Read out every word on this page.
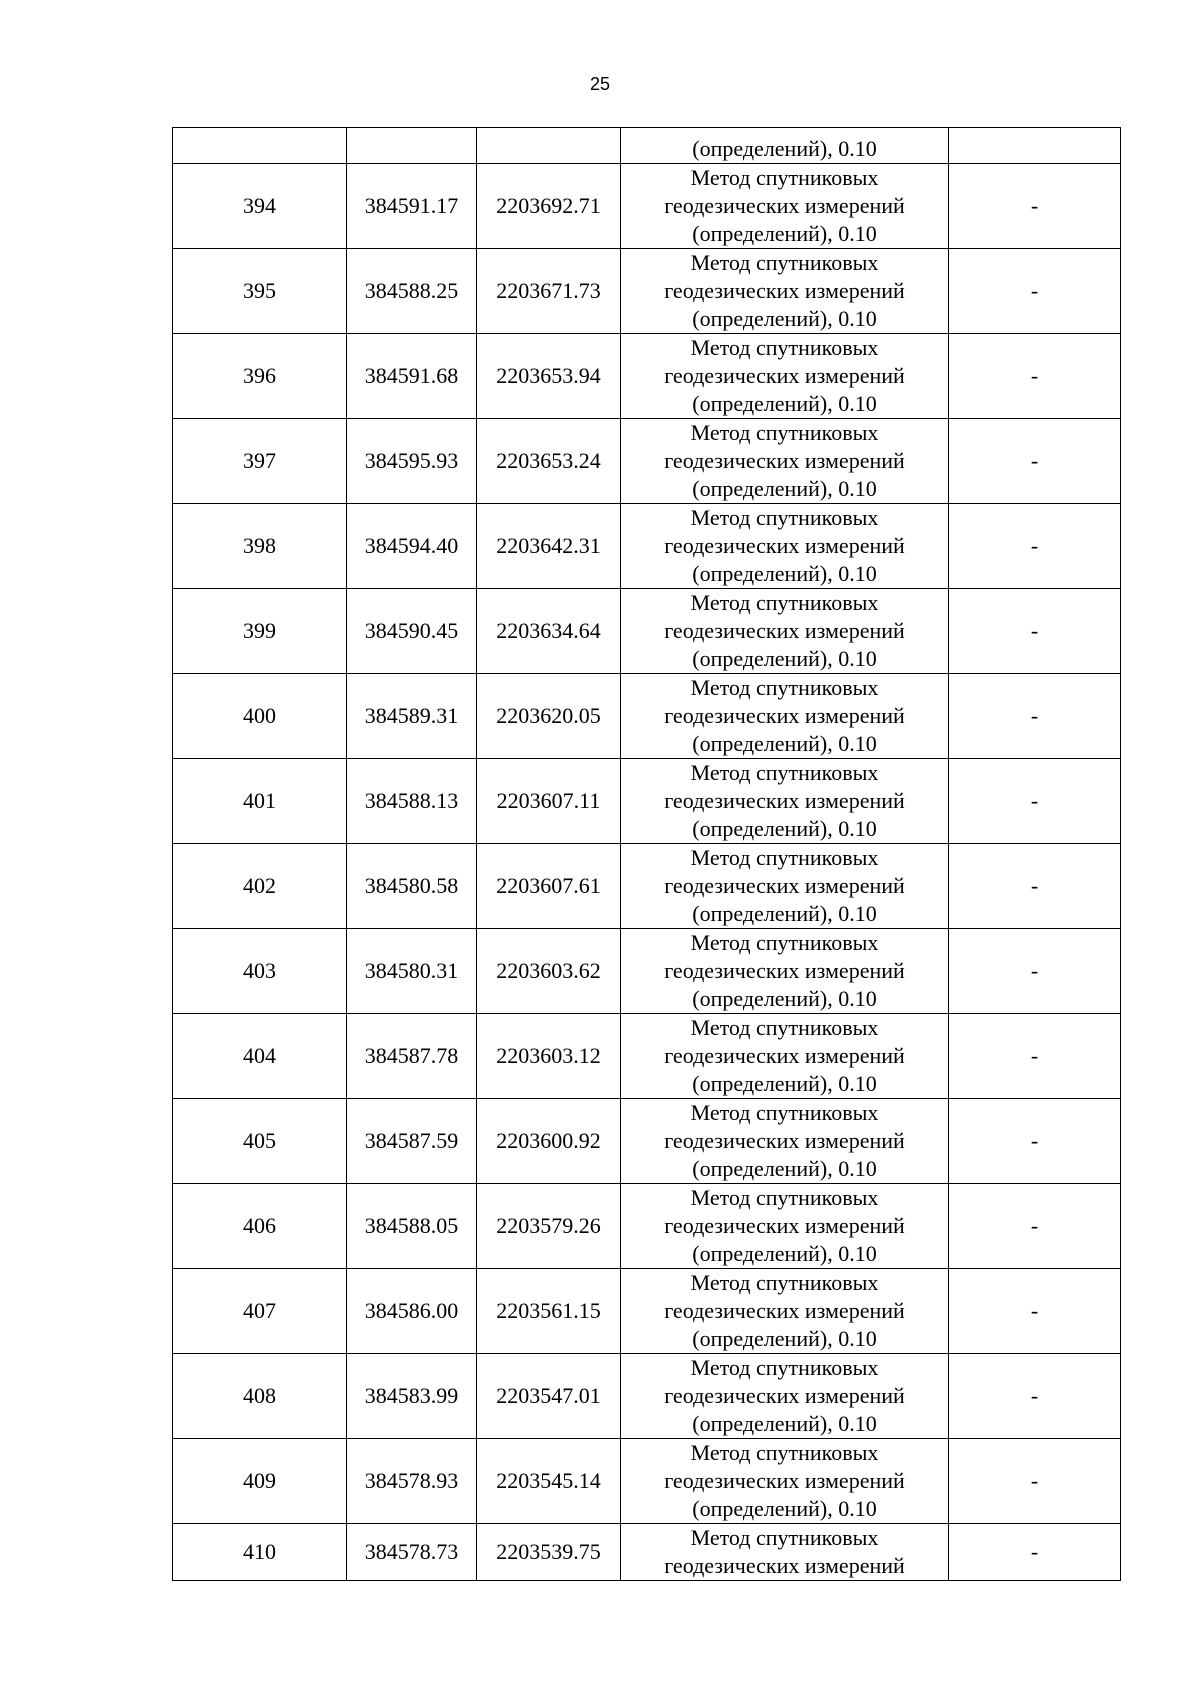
25

			(определений), 0.10	

394	384591.17	2203692.71	Метод спутниковых
геодезических измерений
(определений), 0.10	-
395	384588.25	2203671.73	Метод спутниковых
геодезических измерений
(определений), 0.10	-
396	384591.68	2203653.94	Метод спутниковых
геодезических измерений
(определений), 0.10	-
397	384595.93	2203653.24	Метод спутниковых
геодезических измерений
(определений), 0.10	-
398	384594.40	2203642.31	Метод спутниковых
геодезических измерений
(определений), 0.10	-
399	384590.45	2203634.64	Метод спутниковых
геодезических измерений
(определений), 0.10	-
400	384589.31	2203620.05	Метод спутниковых
геодезических измерений
(определений), 0.10	-
401	384588.13	2203607.11	Метод спутниковых
геодезических измерений
(определений), 0.10	-
402	384580.58	2203607.61	Метод спутниковых
геодезических измерений
(определений), 0.10	-
403	384580.31	2203603.62	Метод спутниковых
геодезических измерений
(определений), 0.10	-
404	384587.78	2203603.12	Метод спутниковых
геодезических измерений
(определений), 0.10	-
405	384587.59	2203600.92	Метод спутниковых
геодезических измерений
(определений), 0.10	-
406	384588.05	2203579.26	Метод спутниковых
геодезических измерений
(определений), 0.10	-
407	384586.00	2203561.15	Метод спутниковых
геодезических измерений
(определений), 0.10	-
408	384583.99	2203547.01	Метод спутниковых
геодезических измерений
(определений), 0.10	-
409	384578.93	2203545.14	Метод спутниковых
геодезических измерений
(определений), 0.10	-
410	384578.73	2203539.75	Метод спутниковых
геодезических измерений	-
